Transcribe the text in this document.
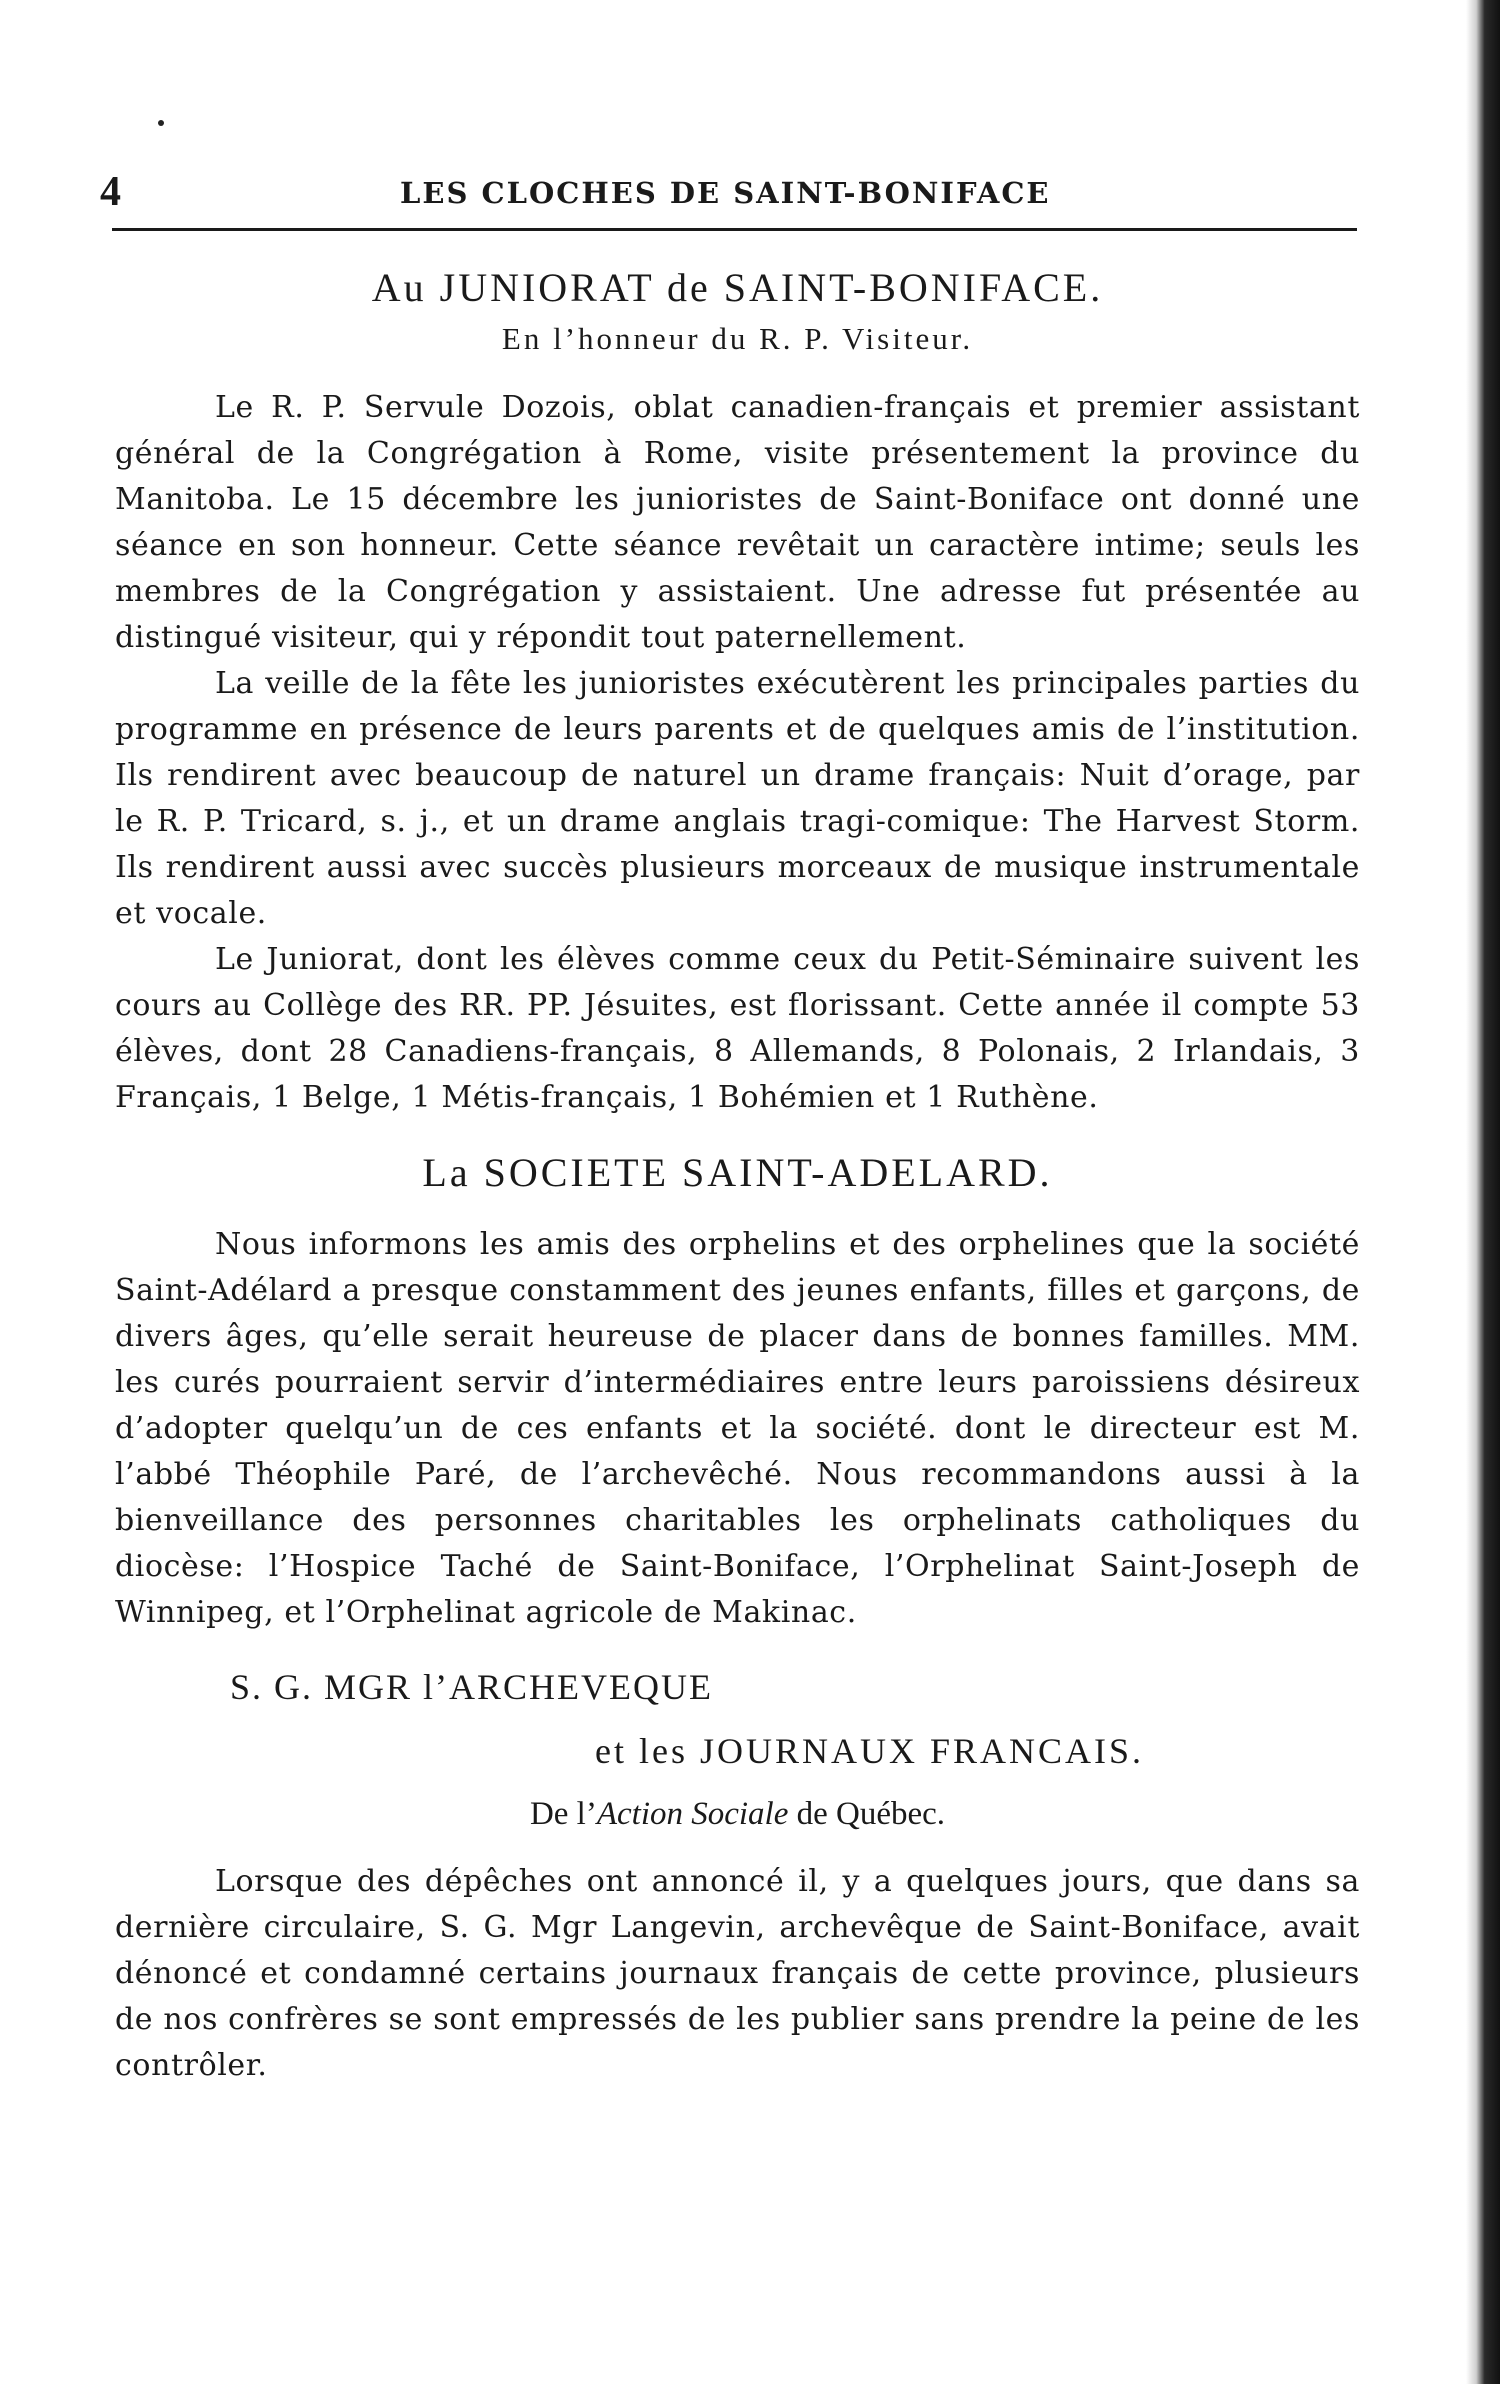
4	LES CLOCHES DE SAINT-BONIFACE
Au JUNIORAT de SAINT-BONIFACE.
En l’honneur du R. P. Visiteur.

Le R. P. Servule Dozois, oblat canadien-français et premier assistant général de la Congrégation à Rome, visite présentement la province du Manitoba. Le 15 décembre les junioristes de Saint-Boniface ont donné une séance en son honneur. Cette séance revêtait un caractère intime; seuls les membres de la Congrégation y assistaient. Une adresse fut présentée au distingué visiteur, qui y répondit tout paternellement.

La veille de la fête les junioristes exécutèrent les principales parties du programme en présence de leurs parents et de quelques amis de l’institution. Ils rendirent avec beaucoup de naturel un drame français: Nuit d’orage, par le R. P. Tricard, s. j., et un drame anglais tragi-comique: The Harvest Storm. Ils rendirent aussi avec succès plusieurs morceaux de musique instrumentale et vocale.

Le Juniorat, dont les élèves comme ceux du Petit-Séminaire suivent les cours au Collège des RR. PP. Jésuites, est florissant. Cette année il compte 53 élèves, dont 28 Canadiens-français, 8 Allemands, 8 Polonais, 2 Irlandais, 3 Français, 1 Belge, 1 Métis-français, 1 Bohémien et 1 Ruthène.

La SOCIETE SAINT-ADELARD.

Nous informons les amis des orphelins et des orphelines que la société Saint-Adélard a presque constamment des jeunes enfants, filles et garçons, de divers âges, qu’elle serait heureuse de placer dans de bonnes familles. MM. les curés pourraient servir d’intermédiaires entre leurs paroissiens désireux d’adopter quelqu’un de ces enfants et la société. dont le directeur est M. l’abbé Théophile Paré, de l’archevêché. Nous recommandons aussi à la bienveillance des personnes charitables les orphelinats catholiques du diocèse: l’Hospice Taché de Saint-Boniface, l’Orphelinat Saint-Joseph de Winnipeg, et l’Orphelinat agricole de Makinac.

S. G. MGR l’ARCHEVEQUE
et les JOURNAUX FRANCAIS.
De l’Action Sociale de Québec.

Lorsque des dépêches ont annoncé il, y a quelques jours, que dans sa dernière circulaire, S. G. Mgr Langevin, archevêque de Saint-Boniface, avait dénoncé et condamné certains journaux français de cette province, plusieurs de nos confrères se sont empressés de les publier sans prendre la peine de les contrôler.
